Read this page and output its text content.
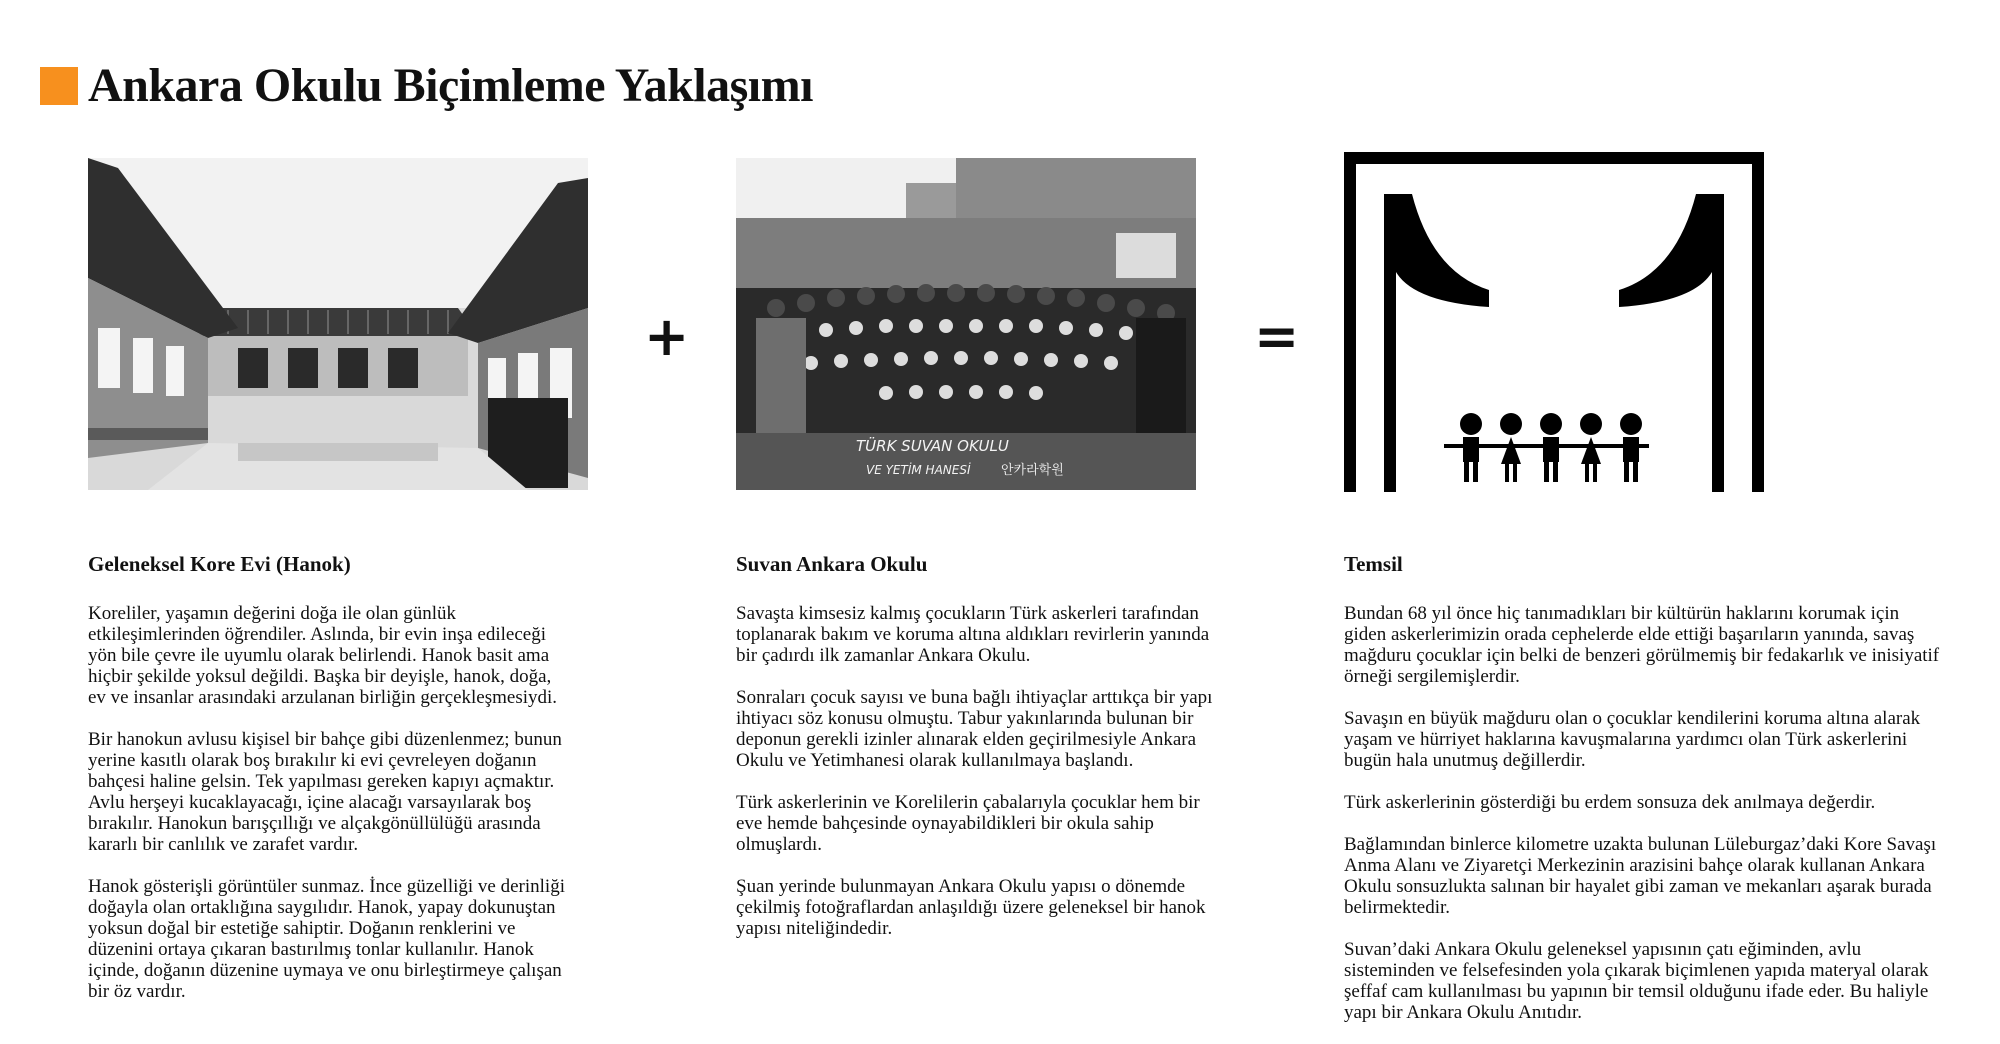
Ankara Okulu Biçimleme Yaklaşımı
+
TÜRK SUVAN OKULU
VE YETİM HANESİ 안카라학원
=
Geleneksel Kore Evi (Hanok)

Koreliler, yaşamın değerini doğa ile olan günlük etkileşimlerinden öğrendiler. Aslında, bir evin inşa edileceği yön bile çevre ile uyumlu olarak belirlendi. Hanok basit ama hiçbir şekilde yoksul değildi. Başka bir deyişle, hanok, doğa, ev ve insanlar arasındaki arzulanan birliğin gerçekleşmesiydi.

Bir hanokun avlusu kişisel bir bahçe gibi düzenlenmez; bunun yerine kasıtlı olarak boş bırakılır ki evi çevreleyen doğanın bahçesi haline gelsin. Tek yapılması gereken kapıyı açmaktır. Avlu herşeyi kucaklayacağı, içine alacağı varsayılarak boş bırakılır. Hanokun barışçıllığı ve alçakgönüllülüğü arasında kararlı bir canlılık ve zarafet vardır.

Hanok gösterişli görüntüler sunmaz. İnce güzelliği ve derinliği doğayla olan ortaklığına saygılıdır. Hanok, yapay dokunuştan yoksun doğal bir estetiğe sahiptir. Doğanın renklerini ve düzenini ortaya çıkaran bastırılmış tonlar kullanılır. Hanok içinde, doğanın düzenine uymaya ve onu birleştirmeye çalışan bir öz vardır.

Suvan Ankara Okulu

Savaşta kimsesiz kalmış çocukların Türk askerleri tarafından toplanarak bakım ve koruma altına aldıkları revirlerin yanında bir çadırdı ilk zamanlar Ankara Okulu.

Sonraları çocuk sayısı ve buna bağlı ihtiyaçlar arttıkça bir yapı ihtiyacı söz konusu olmuştu. Tabur yakınlarında bulunan bir deponun gerekli izinler alınarak elden geçirilmesiyle Ankara Okulu ve Yetimhanesi olarak kullanılmaya başlandı.

Türk askerlerinin ve Korelilerin çabalarıyla çocuklar hem bir eve hemde bahçesinde oynayabildikleri bir okula sahip olmuşlardı.

Şuan yerinde bulunmayan Ankara Okulu yapısı o dönemde çekilmiş fotoğraflardan anlaşıldığı üzere geleneksel bir hanok yapısı niteliğindedir.

Temsil

Bundan 68 yıl önce hiç tanımadıkları bir kültürün haklarını korumak için giden askerlerimizin orada cephelerde elde ettiği başarıların yanında, savaş mağduru çocuklar için belki de benzeri görülmemiş bir fedakarlık ve inisiyatif örneği sergilemişlerdir.

Savaşın en büyük mağduru olan o çocuklar kendilerini koruma altına alarak yaşam ve hürriyet haklarına kavuşmalarına yardımcı olan Türk askerlerini bugün hala unutmuş değillerdir.

Türk askerlerinin gösterdiği bu erdem sonsuza dek anılmaya değerdir.

Bağlamından binlerce kilometre uzakta bulunan Lüleburgaz’daki Kore Savaşı Anma Alanı ve Ziyaretçi Merkezinin arazisini bahçe olarak kullanan Ankara Okulu sonsuzlukta salınan bir hayalet gibi zaman ve mekanları aşarak burada belirmektedir.

Suvan’daki Ankara Okulu geleneksel yapısının çatı eğiminden, avlu sisteminden ve felsefesinden yola çıkarak biçimlenen yapıda materyal olarak şeffaf cam kullanılması bu yapının bir temsil olduğunu ifade eder. Bu haliyle yapı bir Ankara Okulu Anıtıdır.
